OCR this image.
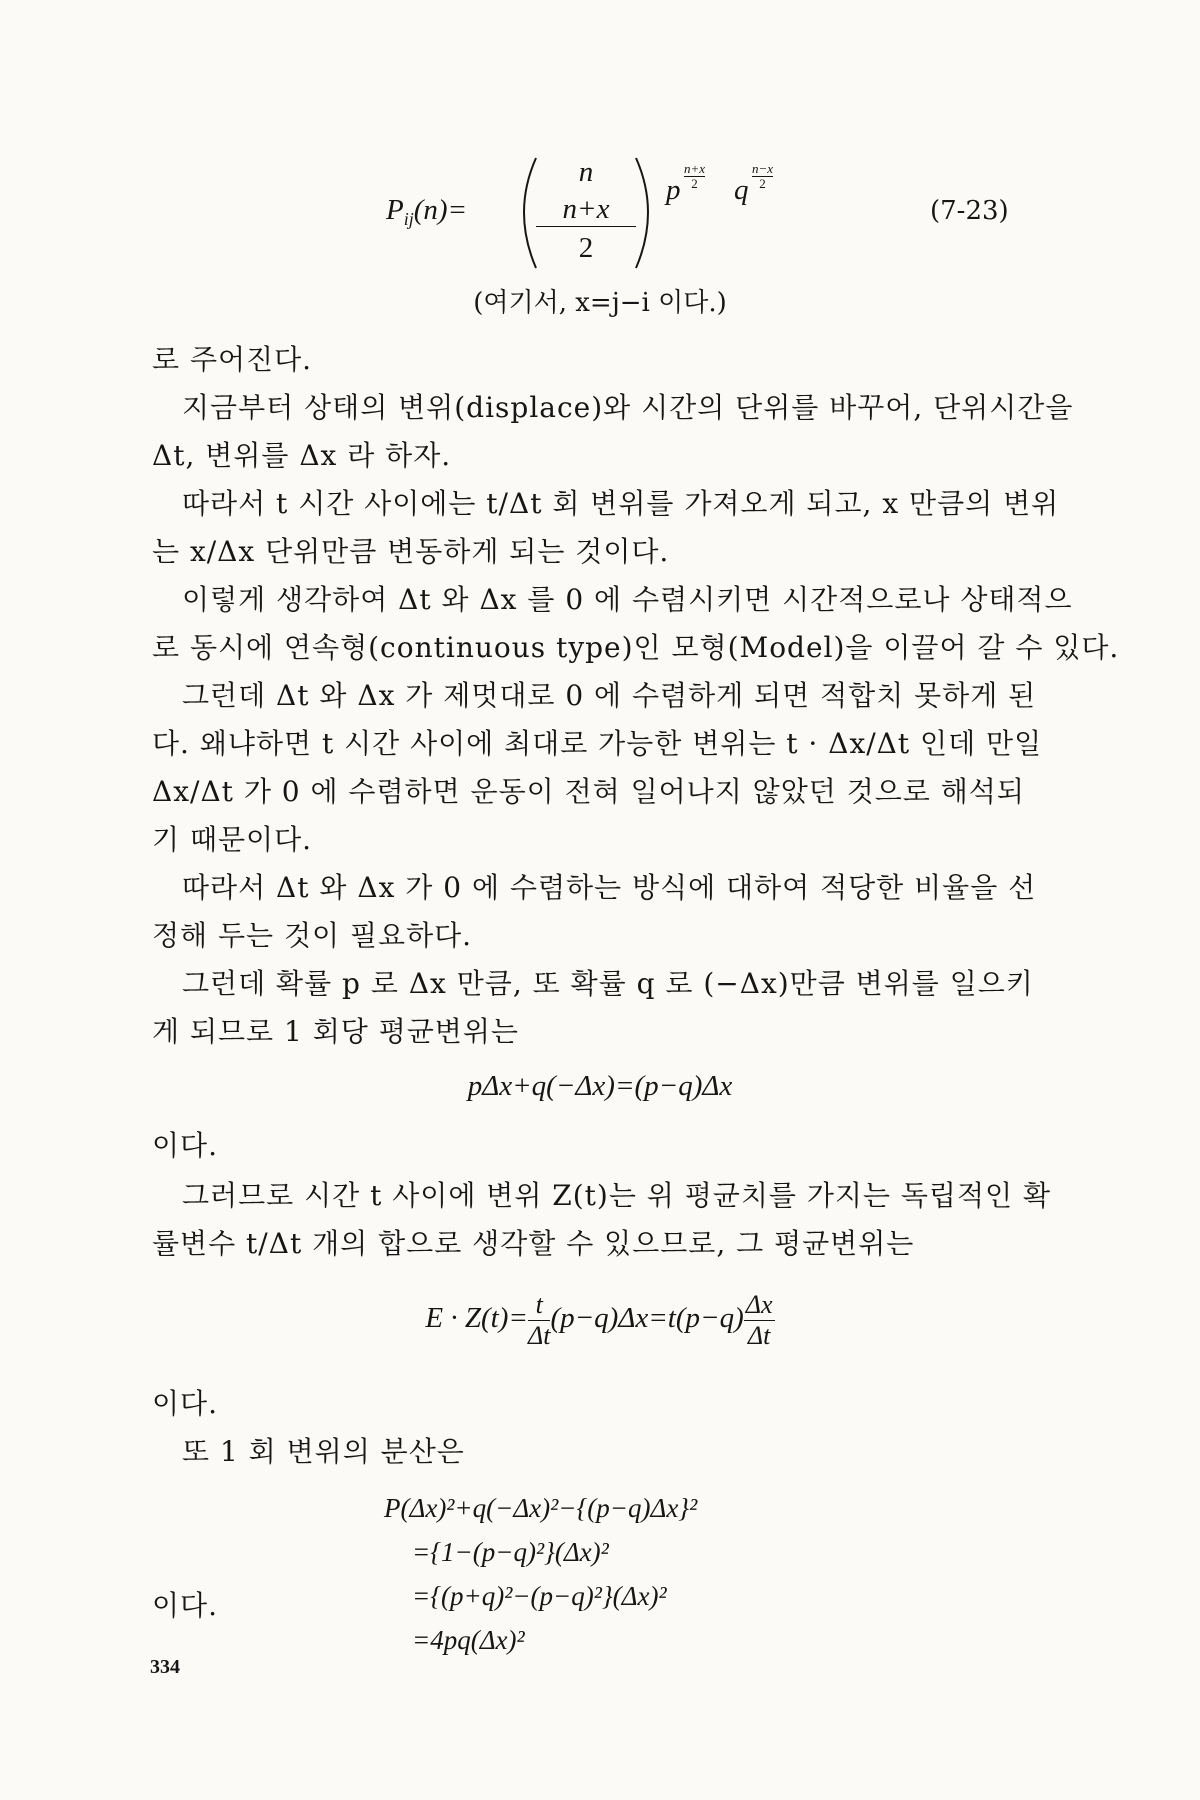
$P_{ij}(n)=$
n
n+x
2
p $\frac{n+x}{2}$ q $\frac{n-x}{2}$
(7-23)
(여기서, x=j−i 이다.)
로 주어진다.
지금부터 상태의 변위(displace)와 시간의 단위를 바꾸어, 단위시간을
Δt, 변위를 Δx 라 하자.
따라서 t 시간 사이에는 t/Δt 회 변위를 가져오게 되고, x 만큼의 변위
는 x/Δx 단위만큼 변동하게 되는 것이다.
이렇게 생각하여 Δt 와 Δx 를 0 에 수렴시키면 시간적으로나 상태적으
로 동시에 연속형(continuous type)인 모형(Model)을 이끌어 갈 수 있다.
그런데 Δt 와 Δx 가 제멋대로 0 에 수렴하게 되면 적합치 못하게 된
다. 왜냐하면 t 시간 사이에 최대로 가능한 변위는 t · Δx/Δt 인데 만일
Δx/Δt 가 0 에 수렴하면 운동이 전혀 일어나지 않았던 것으로 해석되
기 때문이다.
따라서 Δt 와 Δx 가 0 에 수렴하는 방식에 대하여 적당한 비율을 선
정해 두는 것이 필요하다.
그런데 확률 p 로 Δx 만큼, 또 확률 q 로 (−Δx)만큼 변위를 일으키
게 되므로 1 회당 평균변위는
pΔx+q(−Δx)=(p−q)Δx
이다.
그러므로 시간 t 사이에 변위 Z(t)는 위 평균치를 가지는 독립적인 확
률변수 t/Δt 개의 합으로 생각할 수 있으므로, 그 평균변위는
$E \cdot Z(t)= \frac{t}{\Delta t} (p-q)\Delta x=t(p-q) \frac{\Delta x}{\Delta t}$
이다.
또 1 회 변위의 분산은
P(Δx)²+q(−Δx)²−{(p−q)Δx}²
={1−(p−q)²}(Δx)²
={(p+q)²−(p−q)²}(Δx)²
=4pq(Δx)²
이다.
334
